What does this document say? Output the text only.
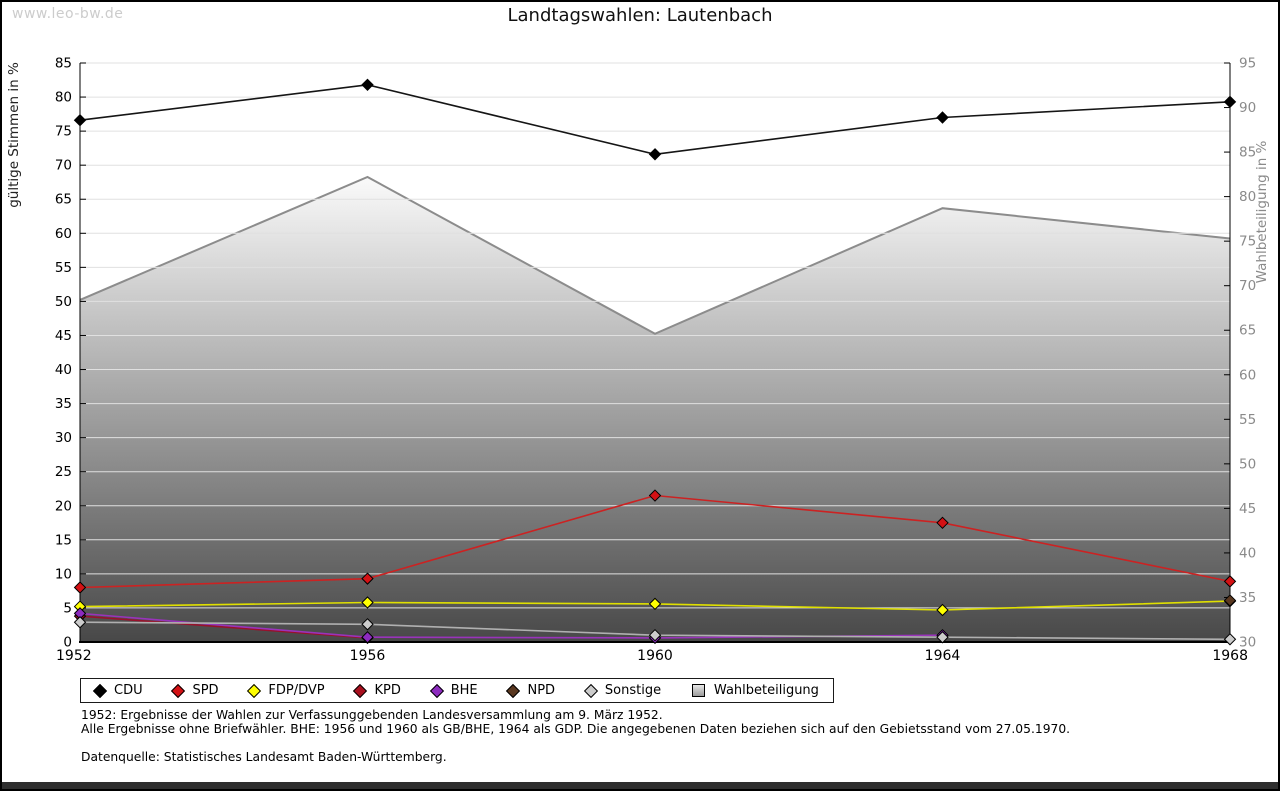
www.leo-bw.de	Landtagswahlen: Lautenbach
0
5
10
15
20
25
30
35
40
45
50
55
60
65
70
75
80
85
30
35
40
45
50
55
60
65
70
75
80
85
90
95
1952	1956	1960	1964	1968
gültige Stimmen in %
Wahlbeteiligung in %
CDU	SPD	FDP/DVP	KPD	BHE	NPD	Sonstige	Wahlbeteiligung
1952: Ergebnisse der Wahlen zur Verfassunggebenden Landesversammlung am 9. März 1952.
Alle Ergebnisse ohne Briefwähler. BHE: 1956 und 1960 als GB/BHE, 1964 als GDP. Die angegebenen Daten beziehen sich auf den Gebietsstand vom 27.05.1970.
Datenquelle: Statistisches Landesamt Baden-Württemberg.
